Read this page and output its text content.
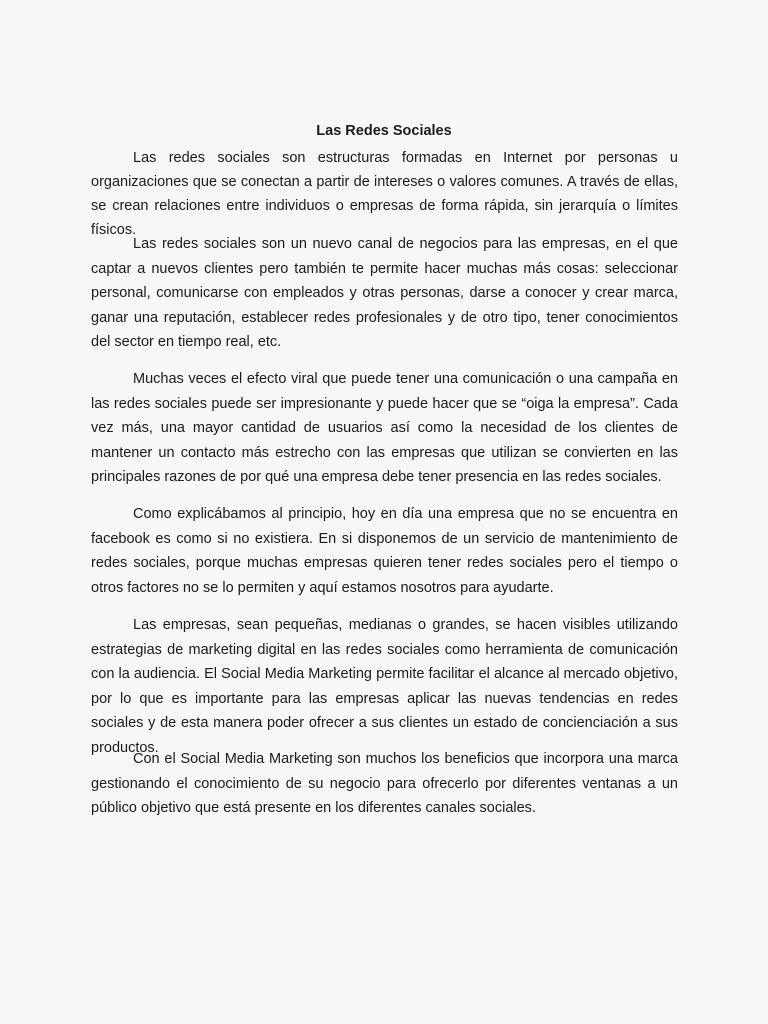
Las Redes Sociales

Las redes sociales son estructuras formadas en Internet por personas u organizaciones que se conectan a partir de intereses o valores comunes. A través de ellas, se crean relaciones entre individuos o empresas de forma rápida, sin jerarquía o límites físicos.

Las redes sociales son un nuevo canal de negocios para las empresas, en el que captar a nuevos clientes pero también te permite hacer muchas más cosas: seleccionar personal, comunicarse con empleados y otras personas, darse a conocer y crear marca, ganar una reputación, establecer redes profesionales y de otro tipo, tener conocimientos del sector en tiempo real, etc.

Muchas veces el efecto viral que puede tener una comunicación o una campaña en las redes sociales puede ser impresionante y puede hacer que se “oiga la empresa”. Cada vez más, una mayor cantidad de usuarios así como la necesidad de los clientes de mantener un contacto más estrecho con las empresas que utilizan se convierten en las principales razones de por qué una empresa debe tener presencia en las redes sociales.

Como explicábamos al principio, hoy en día una empresa que no se encuentra en facebook es como si no existiera. En si disponemos de un servicio de mantenimiento de redes sociales, porque muchas empresas quieren tener redes sociales pero el tiempo o otros factores no se lo permiten y aquí estamos nosotros para ayudarte.

Las empresas, sean pequeñas, medianas o grandes, se hacen visibles utilizando estrategias de marketing digital en las redes sociales como herramienta de comunicación con la audiencia. El Social Media Marketing permite facilitar el alcance al mercado objetivo, por lo que es importante para las empresas aplicar las nuevas tendencias en redes sociales y de esta manera poder ofrecer a sus clientes un estado de concienciación a sus productos.

Con el Social Media Marketing son muchos los beneficios que incorpora una marca gestionando el conocimiento de su negocio para ofrecerlo por diferentes ventanas a un público objetivo que está presente en los diferentes canales sociales.
